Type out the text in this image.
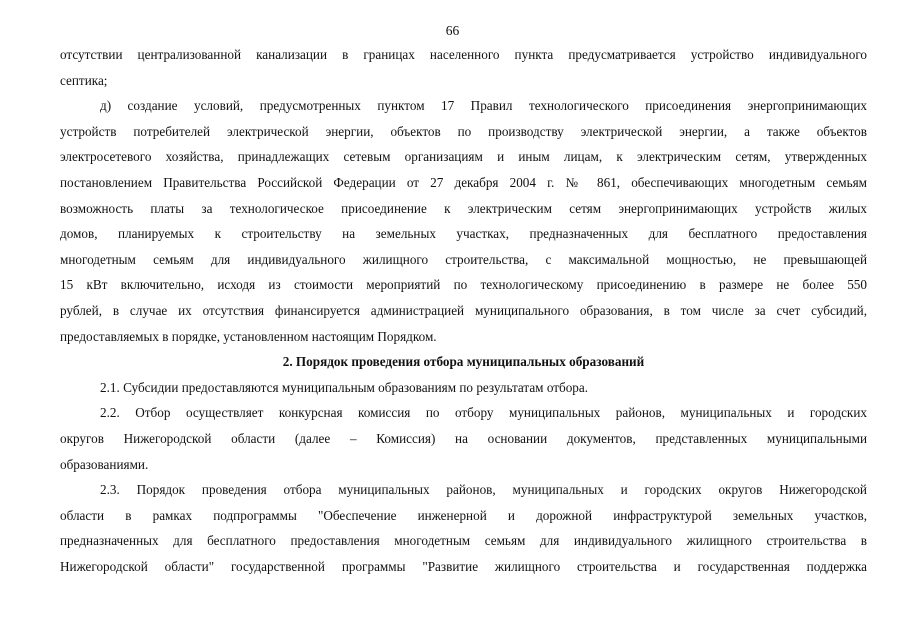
66
отсутствии централизованной канализации в границах населенного пункта предусматривается устройство индивидуального
септика;
д) создание условий, предусмотренных пунктом 17 Правил технологического присоединения энергопринимающих
устройств потребителей электрической энергии, объектов по производству электрической энергии, а также объектов
электросетевого хозяйства, принадлежащих сетевым организациям и иным лицам, к электрическим сетям, утвержденных
постановлением Правительства Российской Федерации от 27 декабря 2004 г. № 861, обеспечивающих многодетным семьям
возможность платы за технологическое присоединение к электрическим сетям энергопринимающих устройств жилых
домов, планируемых к строительству на земельных участках, предназначенных для бесплатного предоставления
многодетным семьям для индивидуального жилищного строительства, с максимальной мощностью, не превышающей
15 кВт включительно, исходя из стоимости мероприятий по технологическому присоединению в размере не более 550
рублей, в случае их отсутствия финансируется администрацией муниципального образования, в том числе за счет субсидий,
предоставляемых в порядке, установленном настоящим Порядком.
2. Порядок проведения отбора муниципальных образований
2.1. Субсидии предоставляются муниципальным образованиям по результатам отбора.
2.2. Отбор осуществляет конкурсная комиссия по отбору муниципальных районов, муниципальных и городских
округов Нижегородской области (далее – Комиссия) на основании документов, представленных муниципальными
образованиями.
2.3. Порядок проведения отбора муниципальных районов, муниципальных и городских округов Нижегородской
области в рамках подпрограммы "Обеспечение инженерной и дорожной инфраструктурой земельных участков,
предназначенных для бесплатного предоставления многодетным семьям для индивидуального жилищного строительства в
Нижегородской области" государственной программы "Развитие жилищного строительства и государственная поддержка
